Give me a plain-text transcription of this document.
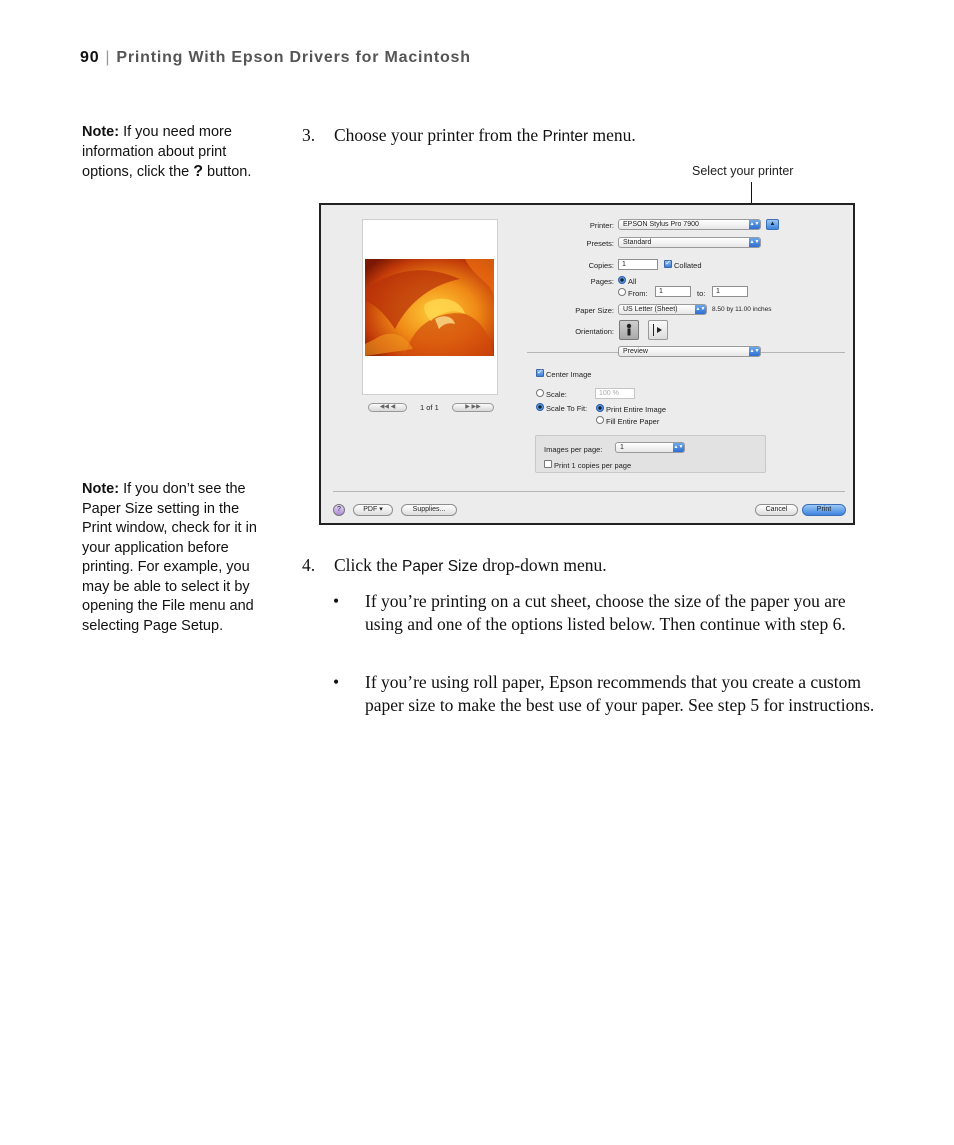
90 | Printing With Epson Drivers for Macintosh
Note: If you need more information about print options, click the ? button.
3. Choose your printer from the Printer menu.
Select your printer
◀◀ ◀	1 of 1	▶ ▶▶
Printer:	EPSON Stylus Pro 7900	▲▼	▲
Presets:	Standard	▲▼
Copies:	1	✓ Collated
Pages: All
From:	1	to:	1
Paper Size:	US Letter (Sheet)	▲▼ 8.50 by 11.00 inches
Orientation:
Preview	▲▼
✓ Center Image
Scale:	100 %
Scale To Fit:	Print Entire Image
Fill Entire Paper
Images per page:	1	▲▼
Print 1 copies per page
?	PDF ▾	Supplies...	Cancel	Print
Note: If you don’t see the Paper Size setting in the Print window, check for it in your application before printing. For example, you may be able to select it by opening the File menu and selecting Page Setup.
4. Click the Paper Size drop-down menu.
• If you’re printing on a cut sheet, choose the size of the paper you are using and one of the options listed below. Then continue with step 6.
• If you’re using roll paper, Epson recommends that you create a custom paper size to make the best use of your paper. See step 5 for instructions.
